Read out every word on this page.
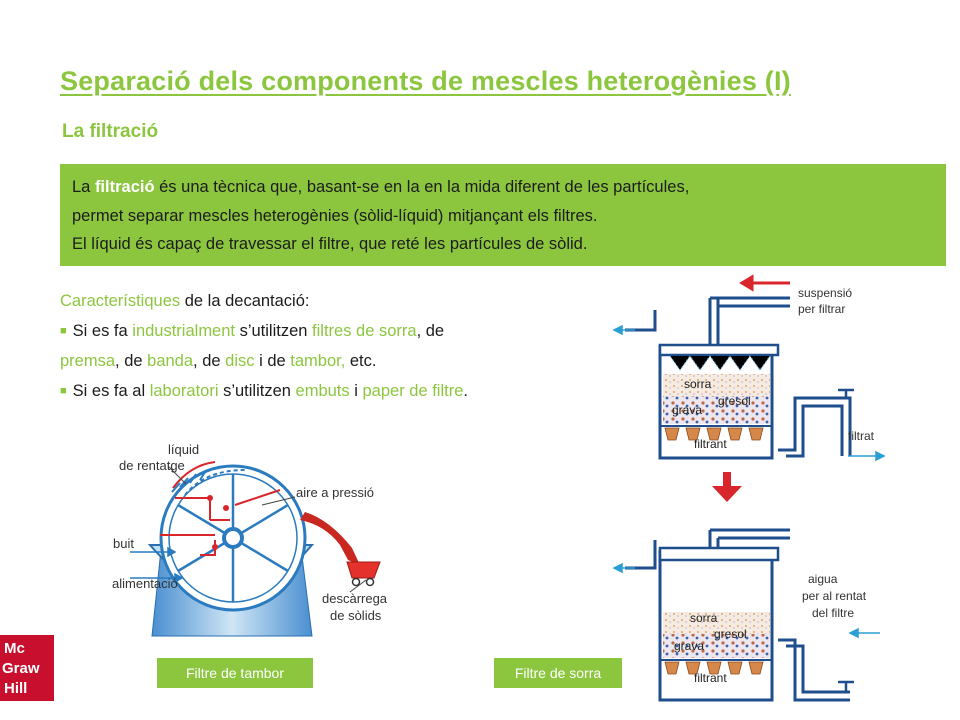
Separació dels components de mescles heterogènies (I)
La filtració
La filtració és una tècnica que, basant-se en la en la mida diferent de les partícules,
permet separar mescles heterogènies (sòlid-líquid) mitjançant els filtres.
El líquid és capaç de travessar el filtre, que reté les partícules de sòlid.
Característiques de la decantació:
■ Si es fa industrialment s’utilitzen filtres de sorra, de
premsa, de banda, de disc i de tambor, etc.
■ Si es fa al laboratori s’utilitzen embuts i paper de filtre.
líquid
de rentatge
aire a pressió
buit
alimentació
descàrrega
de sòlids
suspensió
per filtrar
sorra
gresol
grava
filtrant
filtrat
aigua
per al rentat
del filtre
sorra
gresol
grava
filtrant
Filtre de tambor	Filtre de sorra
Mc
Graw
Hill
